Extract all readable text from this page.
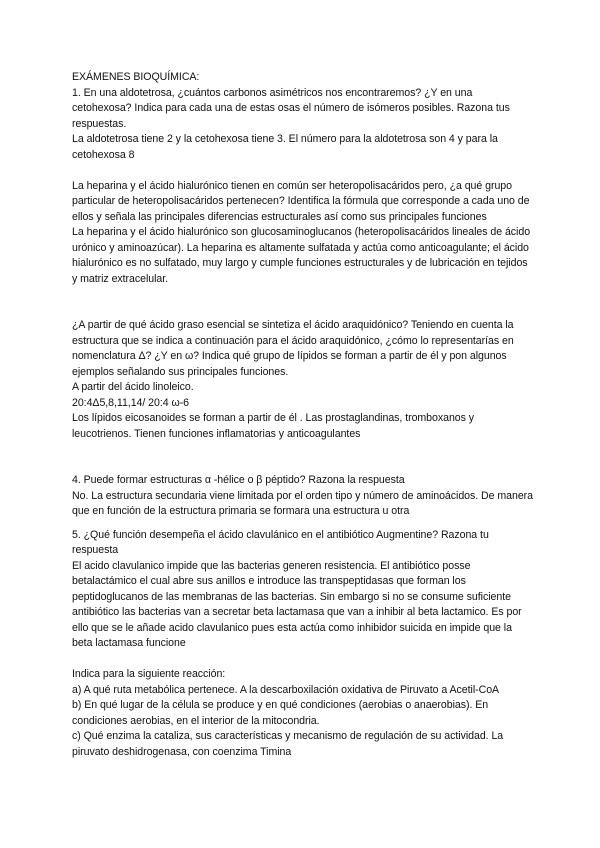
EXÁMENES BIOQUÍMICA:

1. En una aldotetrosa, ¿cuántos carbonos asimétricos nos encontraremos? ¿Y en una cetohexosa? Indica para cada una de estas osas el número de isómeros posibles. Razona tus respuestas.

La aldotetrosa tiene 2 y la cetohexosa tiene 3. El número para la aldotetrosa son 4 y para la cetohexosa 8

La heparina y el ácido hialurónico tienen en común ser heteropolisacáridos pero, ¿a qué grupo particular de heteropolisacáridos pertenecen? Identifica la fórmula que corresponde a cada uno de ellos y señala las principales diferencias estructurales así como sus principales funciones

La heparina y el ácido hialurónico son glucosaminoglucanos (heteropolisacáridos lineales de ácido urónico y aminoazúcar). La heparina es altamente sulfatada y actúa como anticoagulante; el ácido hialurónico es no sulfatado, muy largo y cumple funciones estructurales y de lubricación en tejidos y matriz extracelular.

¿A partir de qué ácido graso esencial se sintetiza el ácido araquidónico? Teniendo en cuenta la estructura que se indica a continuación para el ácido araquidónico, ¿cómo lo representarías en nomenclatura Δ? ¿Y en ω? Indica qué grupo de lípidos se forman a partir de él y pon algunos ejemplos señalando sus principales funciones.

A partir del ácido linoleico.

20:4Δ5,8,11,14/ 20:4 ω-6

Los lípidos eicosanoides se forman a partir de él . Las prostaglandinas, tromboxanos y leucotrienos. Tienen funciones inflamatorias y anticoagulantes

4. Puede formar estructuras α -hélice o β péptido? Razona la respuesta

No. La estructura secundaria viene limitada por el orden tipo y número de aminoácidos. De manera que en función de la estructura primaria se formara una estructura u otra

5. ¿Qué función desempeña el ácido clavulánico en el antibiótico Augmentine? Razona tu respuesta

El acido clavulanico impide que las bacterias generen resistencia. El antibiótico posse betalactámico el cual abre sus anillos e introduce las transpeptidasas que forman los peptidoglucanos de las membranas de las bacterias. Sin embargo si no se consume suficiente antibiótico las bacterias van a secretar beta lactamasa que van a inhibir al beta lactamico. Es por ello que se le añade acido clavulanico pues esta actúa como inhibidor suicida en impide que la beta lactamasa funcione

Indica para la siguiente reacción:

a) A qué ruta metabólica pertenece. A la descarboxilación oxidativa de Piruvato a Acetil-CoA

b) En qué lugar de la célula se produce y en qué condiciones (aerobias o anaerobias). En condiciones aerobias, en el interior de la mitocondria.

c) Qué enzima la cataliza, sus características y mecanismo de regulación de su actividad. La piruvato deshidrogenasa, con coenzima Timina
